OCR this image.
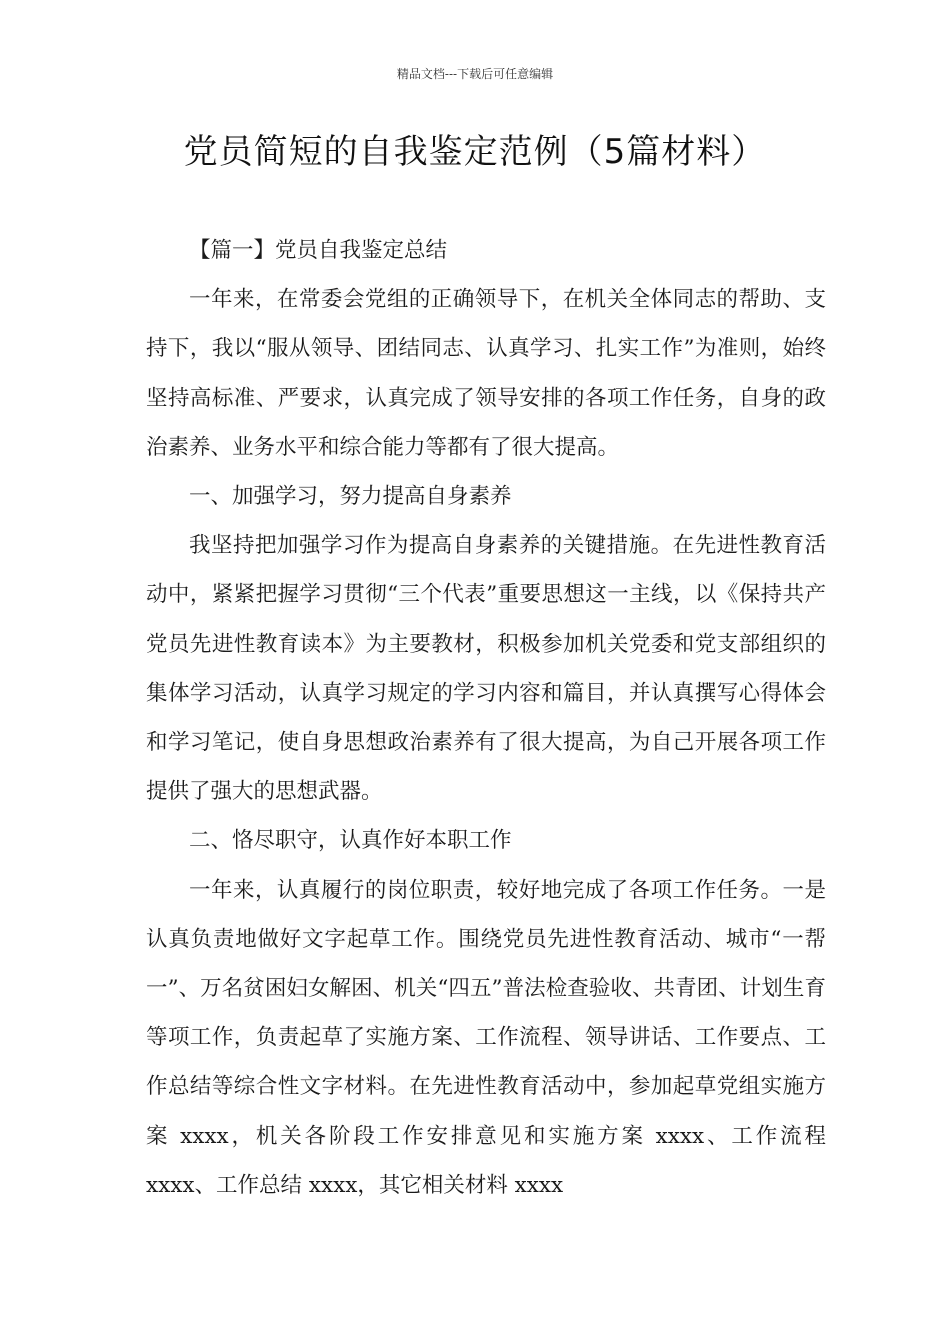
精品文档---下载后可任意编辑
党员简短的自我鉴定范例（5篇材料）

【篇一】党员自我鉴定总结

一年来，在常委会党组的正确领导下，在机关全体同志的帮助、支持下，我以“服从领导、团结同志、认真学习、扎实工作”为准则，始终坚持高标准、严要求，认真完成了领导安排的各项工作任务，自身的政治素养、业务水平和综合能力等都有了很大提高。

一、加强学习，努力提高自身素养

我坚持把加强学习作为提高自身素养的关键措施。在先进性教育活动中，紧紧把握学习贯彻“三个代表”重要思想这一主线，以《保持共产党员先进性教育读本》为主要教材，积极参加机关党委和党支部组织的集体学习活动，认真学习规定的学习内容和篇目，并认真撰写心得体会和学习笔记，使自身思想政治素养有了很大提高，为自己开展各项工作提供了强大的思想武器。

二、恪尽职守，认真作好本职工作

一年来，认真履行的岗位职责，较好地完成了各项工作任务。一是认真负责地做好文字起草工作。围绕党员先进性教育活动、城市“一帮一”、万名贫困妇女解困、机关“四五”普法检查验收、共青团、计划生育等项工作，负责起草了实施方案、工作流程、领导讲话、工作要点、工作总结等综合性文字材料。在先进性教育活动中，参加起草党组实施方案 xxxx，机关各阶段工作安排意见和实施方案 xxxx、工作流程 xxxx、工作总结 xxxx，其它相关材料 xxxx
